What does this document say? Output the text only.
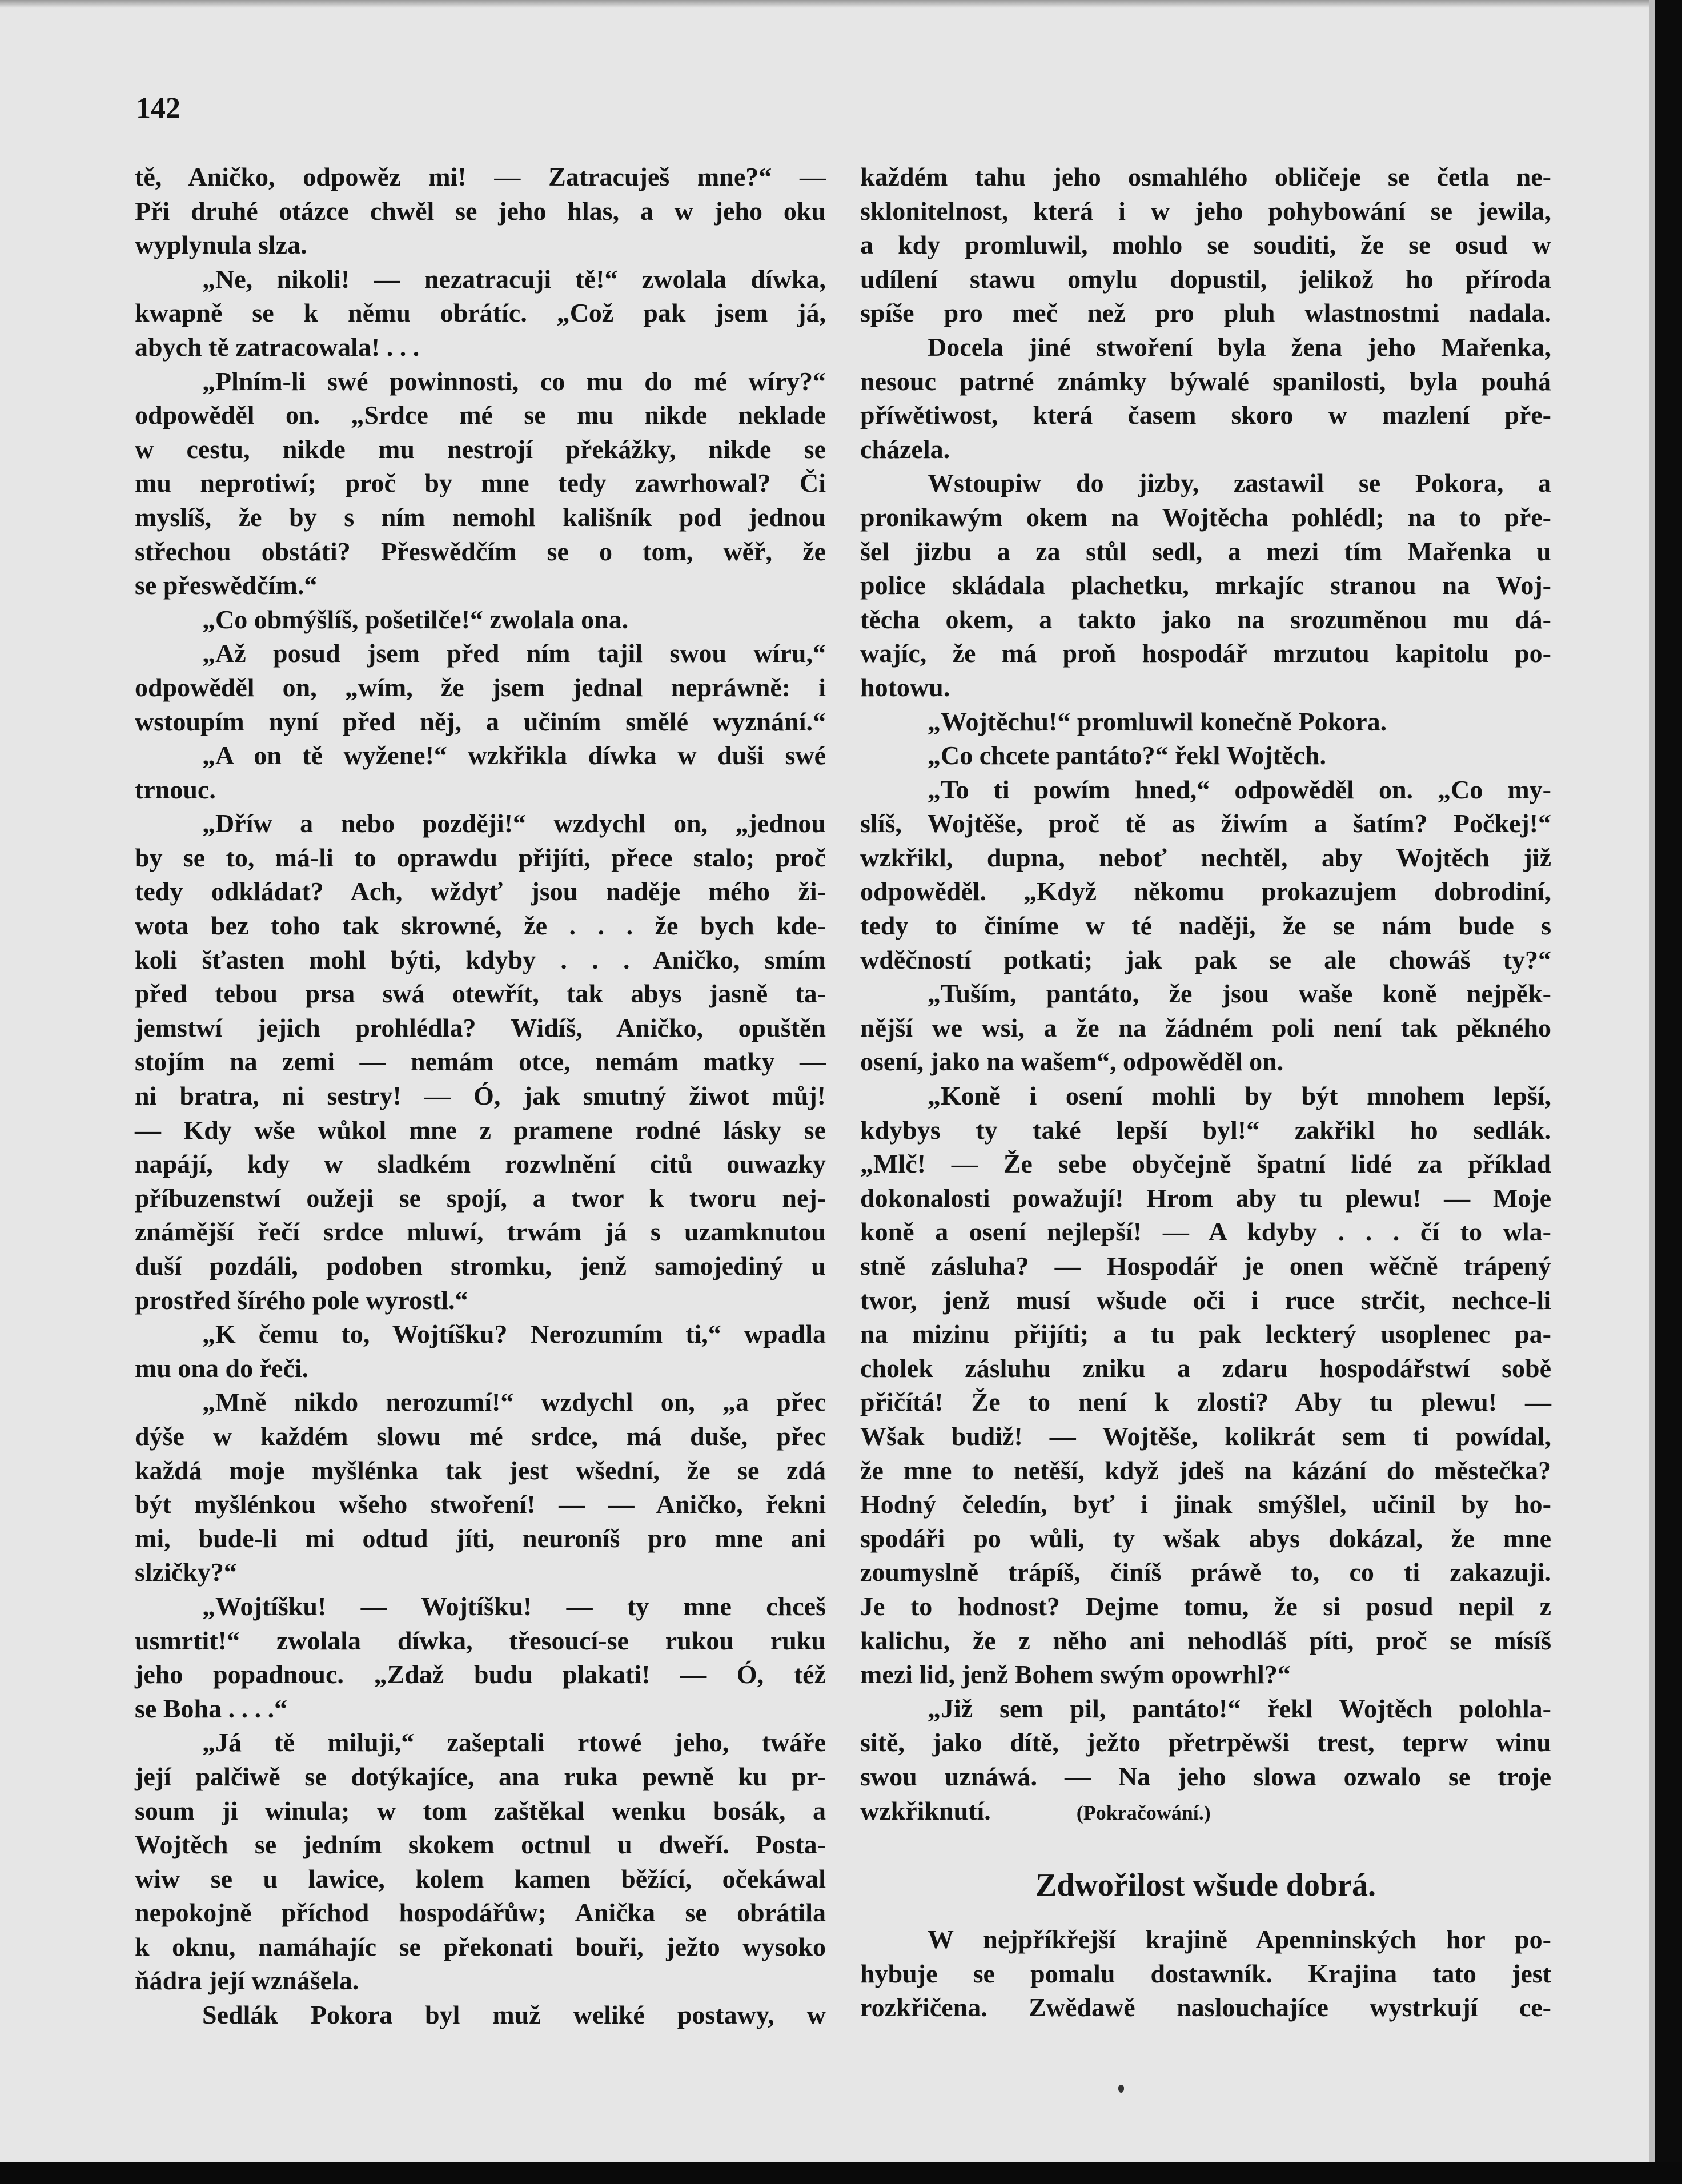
142
tě, Aničko, odpowěz mi! — Zatracuješ mne?“ —
Při druhé otázce chwěl se jeho hlas, a w jeho oku
wyplynula slza.
„Ne, nikoli! — nezatracuji tě!“ zwolala díwka,
kwapně se k němu obrátíc. „Což pak jsem já,
abych tě zatracowala! . . .
„Plním-li swé powinnosti, co mu do mé wíry?“
odpowěděl on. „Srdce mé se mu nikde neklade
w cestu, nikde mu nestrojí překážky, nikde se
mu neprotiwí; proč by mne tedy zawrhowal? Či
myslíš, že by s ním nemohl kališník pod jednou
střechou obstáti? Přeswědčím se o tom, wěř, že
se přeswědčím.“
„Co obmýšlíš, pošetilče!“ zwolala ona.
„Až posud jsem před ním tajil swou wíru,“
odpowěděl on, „wím, že jsem jednal nepráwně: i
wstoupím nyní před něj, a učiním smělé wyznání.“
„A on tě wyžene!“ wzkřikla díwka w duši swé
trnouc.
„Dříw a nebo později!“ wzdychl on, „jednou
by se to, má-li to oprawdu přijíti, přece stalo; proč
tedy odkládat? Ach, wždyť jsou naděje mého ži-
wota bez toho tak skrowné, že . . . že bych kde-
koli šťasten mohl býti, kdyby . . . Aničko, smím
před tebou prsa swá otewřít, tak abys jasně ta-
jemstwí jejich prohlédla? Widíš, Aničko, opuštěn
stojím na zemi — nemám otce, nemám matky —
ni bratra, ni sestry! — Ó, jak smutný žiwot můj!
— Kdy wše wůkol mne z pramene rodné lásky se
napájí, kdy w sladkém rozwlnění citů ouwazky
příbuzenstwí oužeji se spojí, a twor k tworu nej-
známější řečí srdce mluwí, trwám já s uzamknutou
duší pozdáli, podoben stromku, jenž samojediný u
prostřed šírého pole wyrostl.“
„K čemu to, Wojtíšku? Nerozumím ti,“ wpadla
mu ona do řeči.
„Mně nikdo nerozumí!“ wzdychl on, „a přec
dýše w každém slowu mé srdce, má duše, přec
každá moje myšlénka tak jest wšední, že se zdá
být myšlénkou wšeho stwoření! — — Aničko, řekni
mi, bude-li mi odtud jíti, neuroníš pro mne ani
slzičky?“
„Wojtíšku! — Wojtíšku! — ty mne chceš
usmrtit!“ zwolala díwka, třesoucí-se rukou ruku
jeho popadnouc. „Zdaž budu plakati! — Ó, též
se Boha . . . .“
„Já tě miluji,“ zašeptali rtowé jeho, twáře
její palčiwě se dotýkajíce, ana ruka pewně ku pr-
soum ji winula; w tom zaštěkal wenku bosák, a
Wojtěch se jedním skokem octnul u dweří. Posta-
wiw se u lawice, kolem kamen běžící, očekáwal
nepokojně příchod hospodářůw; Anička se obrátila
k oknu, namáhajíc se překonati bouři, ježto wysoko
ňádra její wznášela.
Sedlák Pokora byl muž weliké postawy, w
každém tahu jeho osmahlého obličeje se četla ne-
sklonitelnost, která i w jeho pohybowání se jewila,
a kdy promluwil, mohlo se souditi, že se osud w
udílení stawu omylu dopustil, jelikož ho příroda
spíše pro meč než pro pluh wlastnostmi nadala.
Docela jiné stwoření byla žena jeho Mařenka,
nesouc patrné známky býwalé spanilosti, byla pouhá
příwětiwost, která časem skoro w mazlení pře-
cházela.
Wstoupiw do jizby, zastawil se Pokora, a
pronikawým okem na Wojtěcha pohlédl; na to pře-
šel jizbu a za stůl sedl, a mezi tím Mařenka u
police skládala plachetku, mrkajíc stranou na Woj-
těcha okem, a takto jako na srozuměnou mu dá-
wajíc, že má proň hospodář mrzutou kapitolu po-
hotowu.
„Wojtěchu!“ promluwil konečně Pokora.
„Co chcete pantáto?“ řekl Wojtěch.
„To ti powím hned,“ odpowěděl on. „Co my-
slíš, Wojtěše, proč tě as žiwím a šatím? Počkej!“
wzkřikl, dupna, neboť nechtěl, aby Wojtěch již
odpowěděl. „Když někomu prokazujem dobrodiní,
tedy to činíme w té naději, že se nám bude s
wděčností potkati; jak pak se ale chowáš ty?“
„Tuším, pantáto, že jsou waše koně nejpěk-
nější we wsi, a že na žádném poli není tak pěkného
osení, jako na wašem“, odpowěděl on.
„Koně i osení mohli by být mnohem lepší,
kdybys ty také lepší byl!“ zakřikl ho sedlák.
„Mlč! — Že sebe obyčejně špatní lidé za příklad
dokonalosti powažují! Hrom aby tu plewu! — Moje
koně a osení nejlepší! — A kdyby . . . čí to wla-
stně zásluha? — Hospodář je onen wěčně trápený
twor, jenž musí wšude oči i ruce strčit, nechce-li
na mizinu přijíti; a tu pak leckterý usoplenec pa-
cholek zásluhu zniku a zdaru hospodářstwí sobě
přičítá! Že to není k zlosti? Aby tu plewu! —
Wšak budiž! — Wojtěše, kolikrát sem ti powídal,
že mne to netěší, když jdeš na kázání do městečka?
Hodný čeledín, byť i jinak smýšlel, učinil by ho-
spodáři po wůli, ty wšak abys dokázal, že mne
zoumyslně trápíš, činíš práwě to, co ti zakazuji.
Je to hodnost? Dejme tomu, že si posud nepil z
kalichu, že z něho ani nehodláš píti, proč se mísíš
mezi lid, jenž Bohem swým opowrhl?“
„Již sem pil, pantáto!“ řekl Wojtěch polohla-
sitě, jako dítě, ježto přetrpěwši trest, teprw winu
swou uznáwá. — Na jeho slowa ozwalo se troje
wzkřiknutí.	(Pokračowání.)
Zdwořilost wšude dobrá.
W nejpříkřejší krajině Apenninských hor po-
hybuje se pomalu dostawník. Krajina tato jest
rozkřičena. Zwědawě naslouchajíce wystrkují ce-
